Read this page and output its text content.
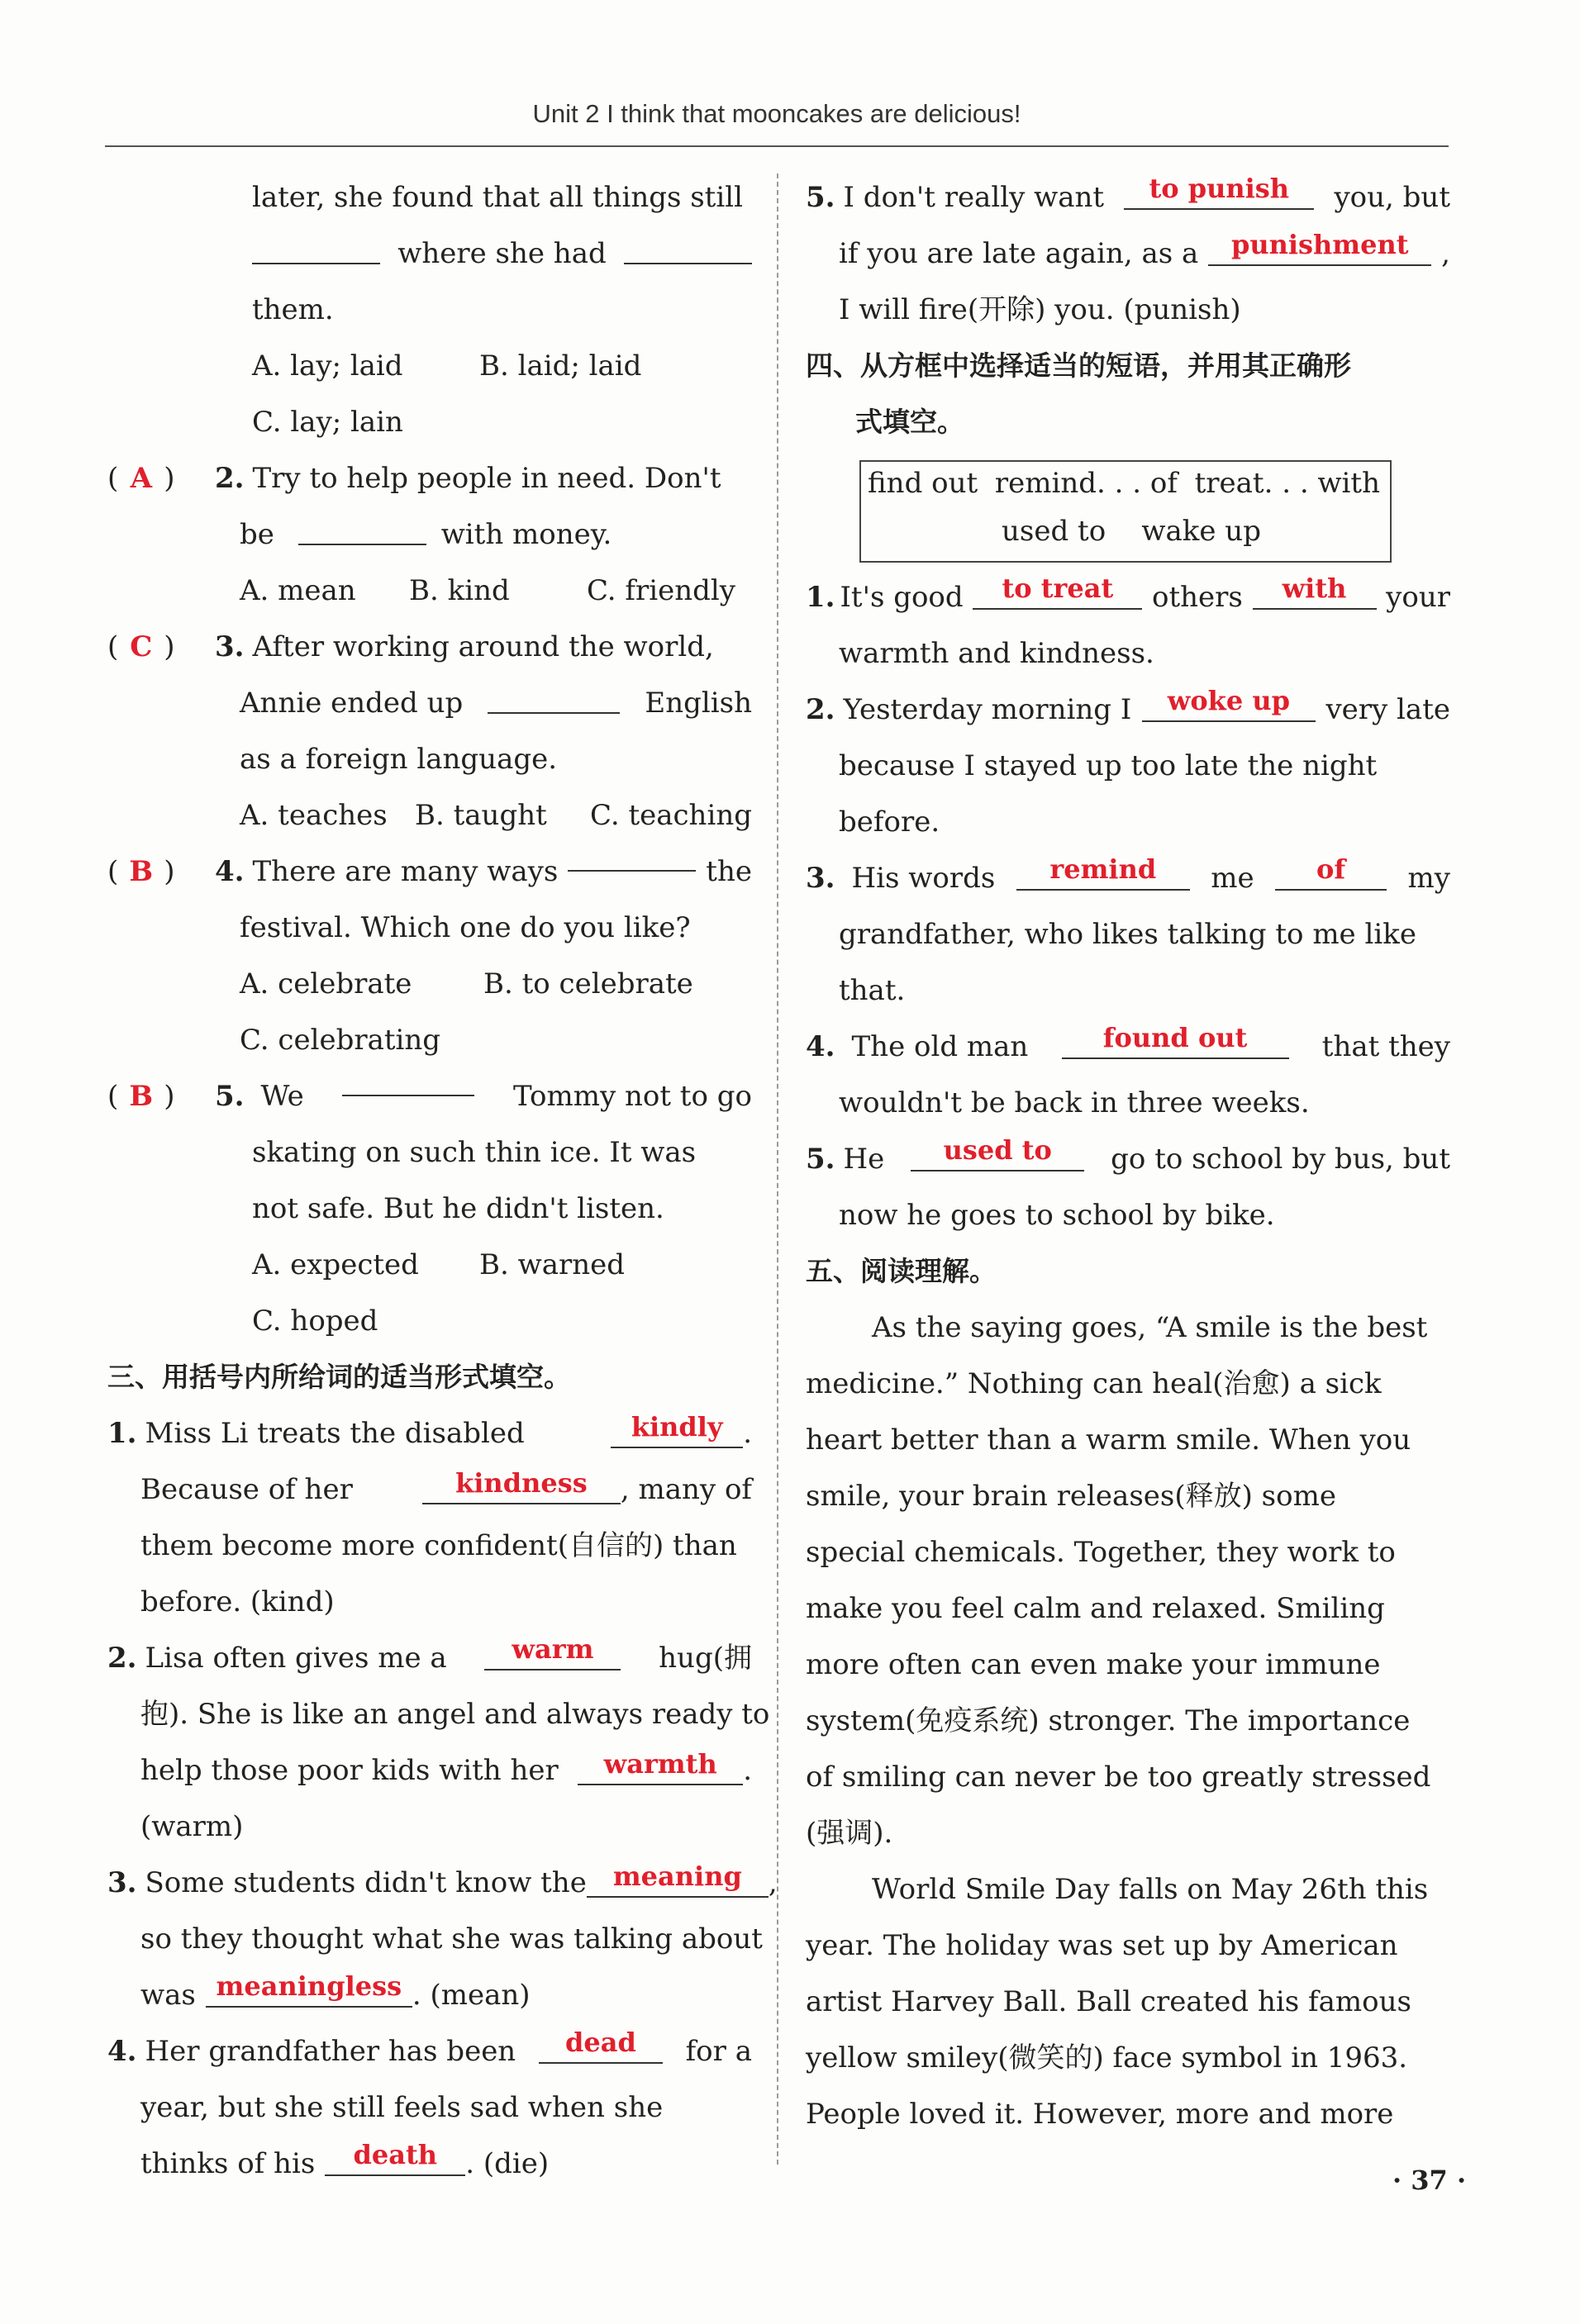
Unit 2 I think that mooncakes are delicious!
later, she found that all things still
where she had
them.
A. lay; laid	B. laid; laid
C. lay; lain
( A )	2. Try to help people in need. Don't
be
	with money.
A. mean	B. kind	C. friendly
( C )	3. After working around the world,
Annie ended up	English
as a foreign language.
A. teaches B. taught	C. teaching
( B )	4. There are many ways	the
festival. Which one do you like?
A. celebrate	B. to celebrate
C. celebrating
( B )	5. We	Tommy not to go
skating on such thin ice. It was
not safe. But he didn't listen.
A. expected	B. warned
C. hoped
三、用括号内所给词的适当形式填空。
1. Miss Li treats the disabled	kindly .
Because of her	kindness , many of
them become more confident(自信的) than
before. (kind)
2. Lisa often gives me a	warm	hug(拥
抱). She is like an angel and always ready to
help those poor kids with her	warmth .
(warm)
3. Some students didn't know the meaning ,
so they thought what she was talking about
was meaningless . (mean)
4. Her grandfather has been	dead	for a
year, but she still feels sad when she
thinks of his	death	. (die)
5. I don't really want	to punish	you, but
if you are late again, as a	punishment	,
I will fire(开除) you. (punish)
四、从方框中选择适当的短语，并用其正确形
式填空。
find out remind. . . of treat. . . with
used to wake up
1. It's good	to treat	others	with	your
warmth and kindness.
2. Yesterday morning I	woke up	very late
because I stayed up too late the night
before.
3. His words	remind	me	of	my
grandfather, who likes talking to me like
that.
4. The old man	found out	that they
wouldn't be back in three weeks.
5. He	used to	go to school by bus, but
now he goes to school by bike.
五、阅读理解。
As the saying goes, “A smile is the best
medicine.” Nothing can heal(治愈) a sick
heart better than a warm smile. When you
smile, your brain releases(释放) some
special chemicals. Together, they work to
make you feel calm and relaxed. Smiling
more often can even make your immune
system(免疫系统) stronger. The importance
of smiling can never be too greatly stressed
(强调).
World Smile Day falls on May 26th this
year. The holiday was set up by American
artist Harvey Ball. Ball created his famous
yellow smiley(微笑的) face symbol in 1963.
People loved it. However, more and more
· 37 ·
